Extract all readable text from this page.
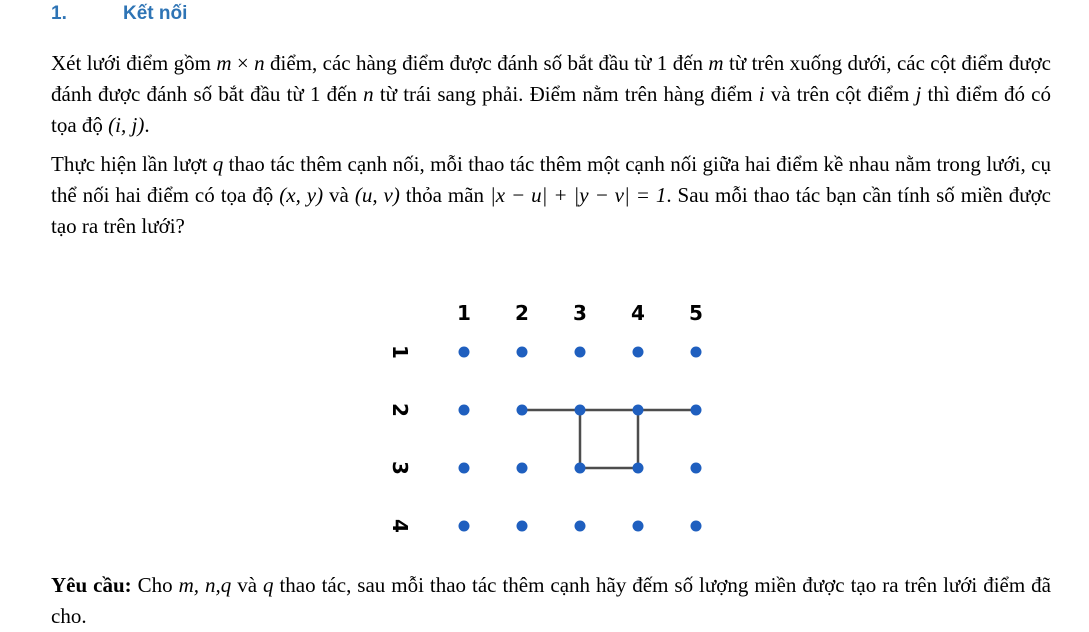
1.	Kết nối

Xét lưới điểm gồm m × n điểm, các hàng điểm được đánh số bắt đầu từ 1 đến m từ trên xuống dưới, các cột điểm được đánh được đánh số bắt đầu từ 1 đến n từ trái sang phải. Điểm nằm trên hàng điểm i và trên cột điểm j thì điểm đó có tọa độ (i, j).

Thực hiện lần lượt q thao tác thêm cạnh nối, mỗi thao tác thêm một cạnh nối giữa hai điểm kề nhau nằm trong lưới, cụ thể nối hai điểm có tọa độ (x, y) và (u, v) thỏa mãn |x − u| + |y − v| = 1. Sau mỗi thao tác bạn cần tính số miền được tạo ra trên lưới?

1 2 3 4 5
1
2
3
4

Yêu cầu: Cho m, n,q và q thao tác, sau mỗi thao tác thêm cạnh hãy đếm số lượng miền được tạo ra trên lưới điểm đã cho.
